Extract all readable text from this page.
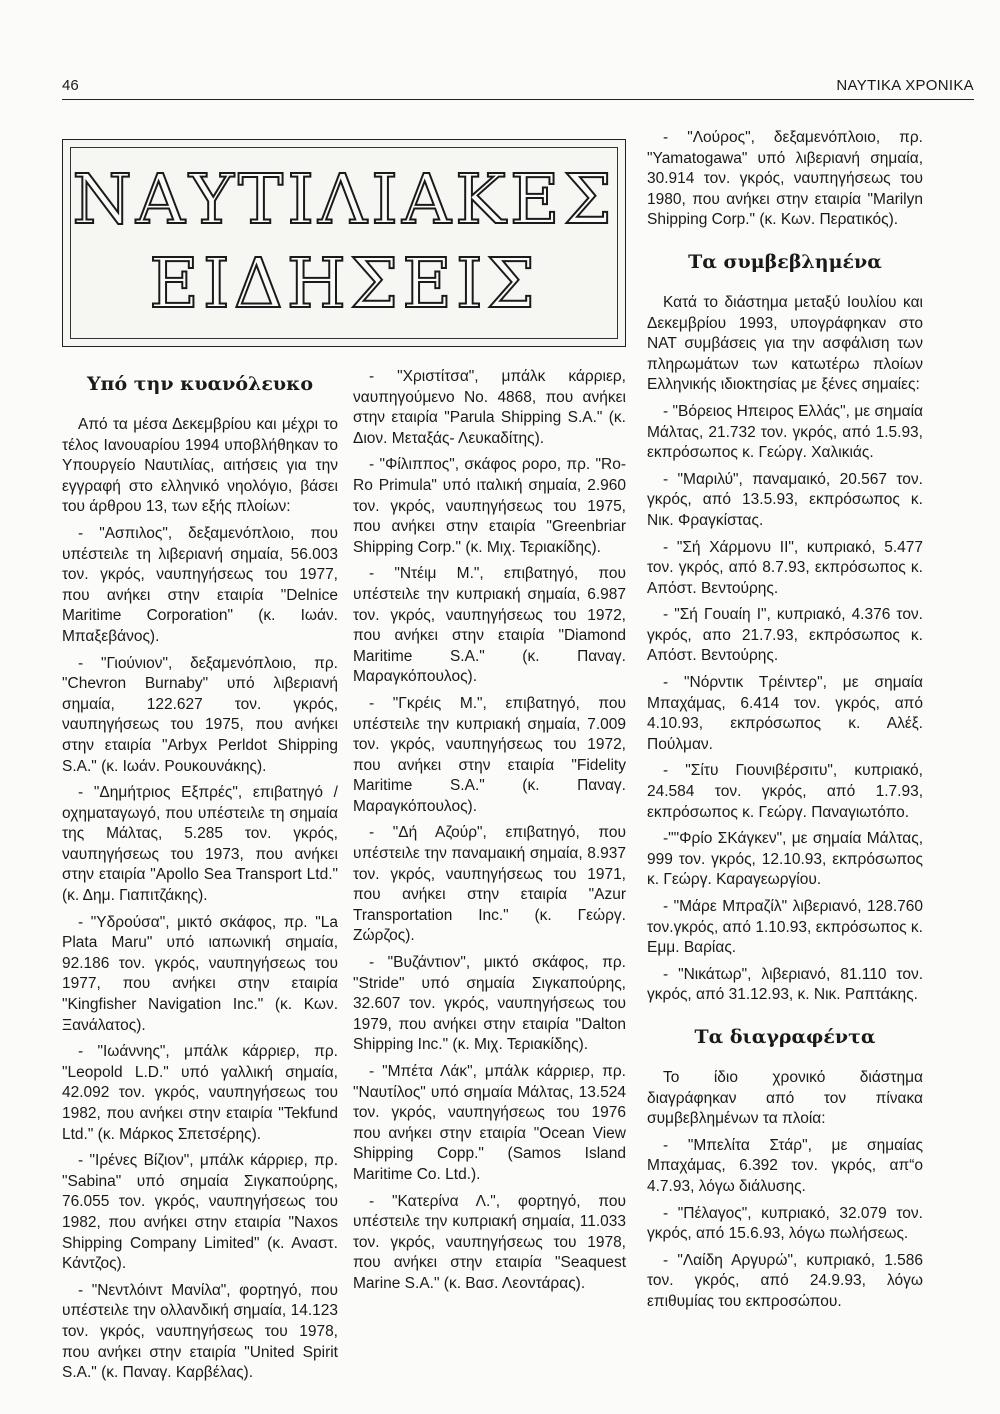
46	ΝΑΥΤΙΚΑ ΧΡΟΝΙΚΑ
ΝΑΥΤΙΛΙΑΚΕΣ
ΕΙΔΗΣΕΙΣ
Υπό την κυανόλευκο

Από τα μέσα Δεκεμβρίου και μέχρι το τέλος Ιανουαρίου 1994 υποβλήθηκαν το Υπουργείο Ναυτιλίας, αιτήσεις για την εγγραφή στο ελληνικό νηολόγιο, βάσει του άρθρου 13, των εξής πλοίων:

- "Ασπιλος", δεξαμενόπλοιο, που υπέστειλε τη λιβεριανή σημαία, 56.003 τον. γκρός, ναυπηγήσεως του 1977, που ανήκει στην εταιρία "Delnice Maritime Corporation" (κ. Ιωάν. Μπαξεβάνος).

- "Γιούνιον", δεξαμενόπλοιο, πρ. "Chevron Burnaby" υπό λιβεριανή σημαία, 122.627 τον. γκρός, ναυπηγήσεως του 1975, που ανήκει στην εταιρία "Arbyx Perldot Shipping S.A." (κ. Ιωάν. Ρουκουνάκης).

- "Δημήτριος Εξπρές", επιβατηγό / οχηματαγωγό, που υπέστειλε τη σημαία της Μάλτας, 5.285 τον. γκρός, ναυπηγήσεως του 1973, που ανήκει στην εταιρία "Apollo Sea Transport Ltd." (κ. Δημ. Γιαπιτζάκης).

- "Υδρούσα", μικτό σκάφος, πρ. "La Plata Maru" υπό ιαπωνική σημαία, 92.186 τον. γκρός, ναυπηγήσεως του 1977, που ανήκει στην εταιρία "Kingfisher Navigation Inc." (κ. Κων. Ξανάλατος).

- "Ιωάννης", μπάλκ κάρριερ, πρ. "Leopold L.D." υπό γαλλική σημαία, 42.092 τον. γκρός, ναυπηγήσεως του 1982, που ανήκει στην εταιρία "Tekfund Ltd." (κ. Μάρκος Σπετσέρης).

- "Ιρένες Βίζιον", μπάλκ κάρριερ, πρ. "Sabina" υπό σημαία Σιγκαπούρης, 76.055 τον. γκρός, ναυπηγήσεως του 1982, που ανήκει στην εταιρία "Naxos Shipping Company Limited" (κ. Αναστ. Κάντζος).

- "Νεντλόιντ Μανίλα", φορτηγό, που υπέστειλε την ολλανδική σημαία, 14.123 τον. γκρός, ναυπηγήσεως του 1978, που ανήκει στην εταιρία "United Spirit S.A." (κ. Παναγ. Καρβέλας).

- "Χριστίτσα", μπάλκ κάρριερ, ναυπηγούμενο No. 4868, που ανήκει στην εταιρία "Parula Shipping S.A." (κ. Διον. Μεταξάς- Λευκαδίτης).

- "Φίλιππος", σκάφος ρορο, πρ. "Ro-Ro Primula" υπό ιταλική σημαία, 2.960 τον. γκρός, ναυπηγήσεως του 1975, που ανήκει στην εταιρία "Greenbriar Shipping Corp." (κ. Μιχ. Τεριακίδης).

- "Ντέιμ Μ.", επιβατηγό, που υπέστειλε την κυπριακή σημαία, 6.987 τον. γκρός, ναυπηγήσεως του 1972, που ανήκει στην εταιρία "Diamond Maritime S.A." (κ. Παναγ. Μαραγκόπουλος).

- "Γκρέις Μ.", επιβατηγό, που υπέστειλε την κυπριακή σημαία, 7.009 τον. γκρός, ναυπηγήσεως του 1972, που ανήκει στην εταιρία "Fidelity Maritime S.A." (κ. Παναγ. Μαραγκόπουλος).

- "Δή Αζούρ", επιβατηγό, που υπέστειλε την παναμαική σημαία, 8.937 τον. γκρός, ναυπηγήσεως του 1971, που ανήκει στην εταιρία "Azur Transportation Inc." (κ. Γεώργ. Ζώρζος).

- "Βυζάντιον", μικτό σκάφος, πρ. "Stride" υπό σημαία Σιγκαπούρης, 32.607 τον. γκρός, ναυπηγήσεως του 1979, που ανήκει στην εταιρία "Dalton Shipping Inc." (κ. Μιχ. Τεριακίδης).

- "Μπέτα Λάκ", μπάλκ κάρριερ, πρ. "Ναυτίλος" υπό σημαία Μάλτας, 13.524 τον. γκρός, ναυπηγήσεως του 1976 που ανήκει στην εταιρία "Ocean View Shipping Copp." (Samos Island Maritime Co. Ltd.).

- "Κατερίνα Λ.", φορτηγό, που υπέστειλε την κυπριακή σημαία, 11.033 τον. γκρός, ναυπηγήσεως του 1978, που ανήκει στην εταιρία "Seaquest Marine S.A." (κ. Βασ. Λεοντάρας).

- "Λούρος", δεξαμενόπλοιο, πρ. "Yamatogawa" υπό λιβεριανή σημαία, 30.914 τον. γκρός, ναυπηγήσεως του 1980, που ανήκει στην εταιρία "Marilyn Shipping Corp." (κ. Κων. Περατικός).

Τα συμβεβλημένα

Κατά το διάστημα μεταξύ Ιουλίου και Δεκεμβρίου 1993, υπογράφηκαν στο ΝΑΤ συμβάσεις για την ασφάλιση των πληρωμάτων των κατωτέρω πλοίων Ελληνικής ιδιοκτησίας με ξένες σημαίες:

- "Βόρειος Ηπειρος Ελλάς", με σημαία Μάλτας, 21.732 τον. γκρός, από 1.5.93, εκπρόσωπος κ. Γεώργ. Χαλικιάς.

- "Μαριλύ", παναμαικό, 20.567 τον. γκρός, από 13.5.93, εκπρόσωπος κ. Νικ. Φραγκίστας.

- "Σή Χάρμονυ ΙΙ", κυπριακό, 5.477 τον. γκρός, από 8.7.93, εκπρόσωπος κ. Απόστ. Βεντούρης.

- "Σή Γουαίη Ι", κυπριακό, 4.376 τον. γκρός, απο 21.7.93, εκπρόσωπος κ. Απόστ. Βεντούρης.

- "Νόρντικ Τρέιντερ", με σημαία Μπαχάμας, 6.414 τον. γκρός, από 4.10.93, εκπρόσωπος κ. Αλέξ. Πούλμαν.

- "Σίτυ Γιουνιβέρσιτυ", κυπριακό, 24.584 τον. γκρός, από 1.7.93, εκπρόσωπος κ. Γεώργ. Παναγιωτόπο.

-""Φρίο ΣΚάγκεν", με σημαία Μάλτας, 999 τον. γκρός, 12.10.93, εκπρόσωπος κ. Γεώργ. Καραγεωργίου.

- "Μάρε Μπραζίλ" λιβεριανό, 128.760 τον.γκρός, από 1.10.93, εκπρόσωπος κ. Εμμ. Βαρίας.

- "Νικάτωρ", λιβεριανό, 81.110 τον. γκρός, από 31.12.93, κ. Νικ. Ραπτάκης.

Τα διαγραφέντα

Το ίδιο χρονικό διάστημα διαγράφηκαν από τον πίνακα συμβεβλημένων τα πλοία:

- "Μπελίτα Στάρ", με σημαίας Μπαχάμας, 6.392 τον. γκρός, απ“ο 4.7.93, λόγω διάλυσης.

- "Πέλαγος", κυπριακό, 32.079 τον. γκρός, από 15.6.93, λόγω πωλήσεως.

- "Λαίδη Αργυρώ", κυπριακό, 1.586 τον. γκρός, από 24.9.93, λόγω επιθυμίας του εκπροσώπου.
